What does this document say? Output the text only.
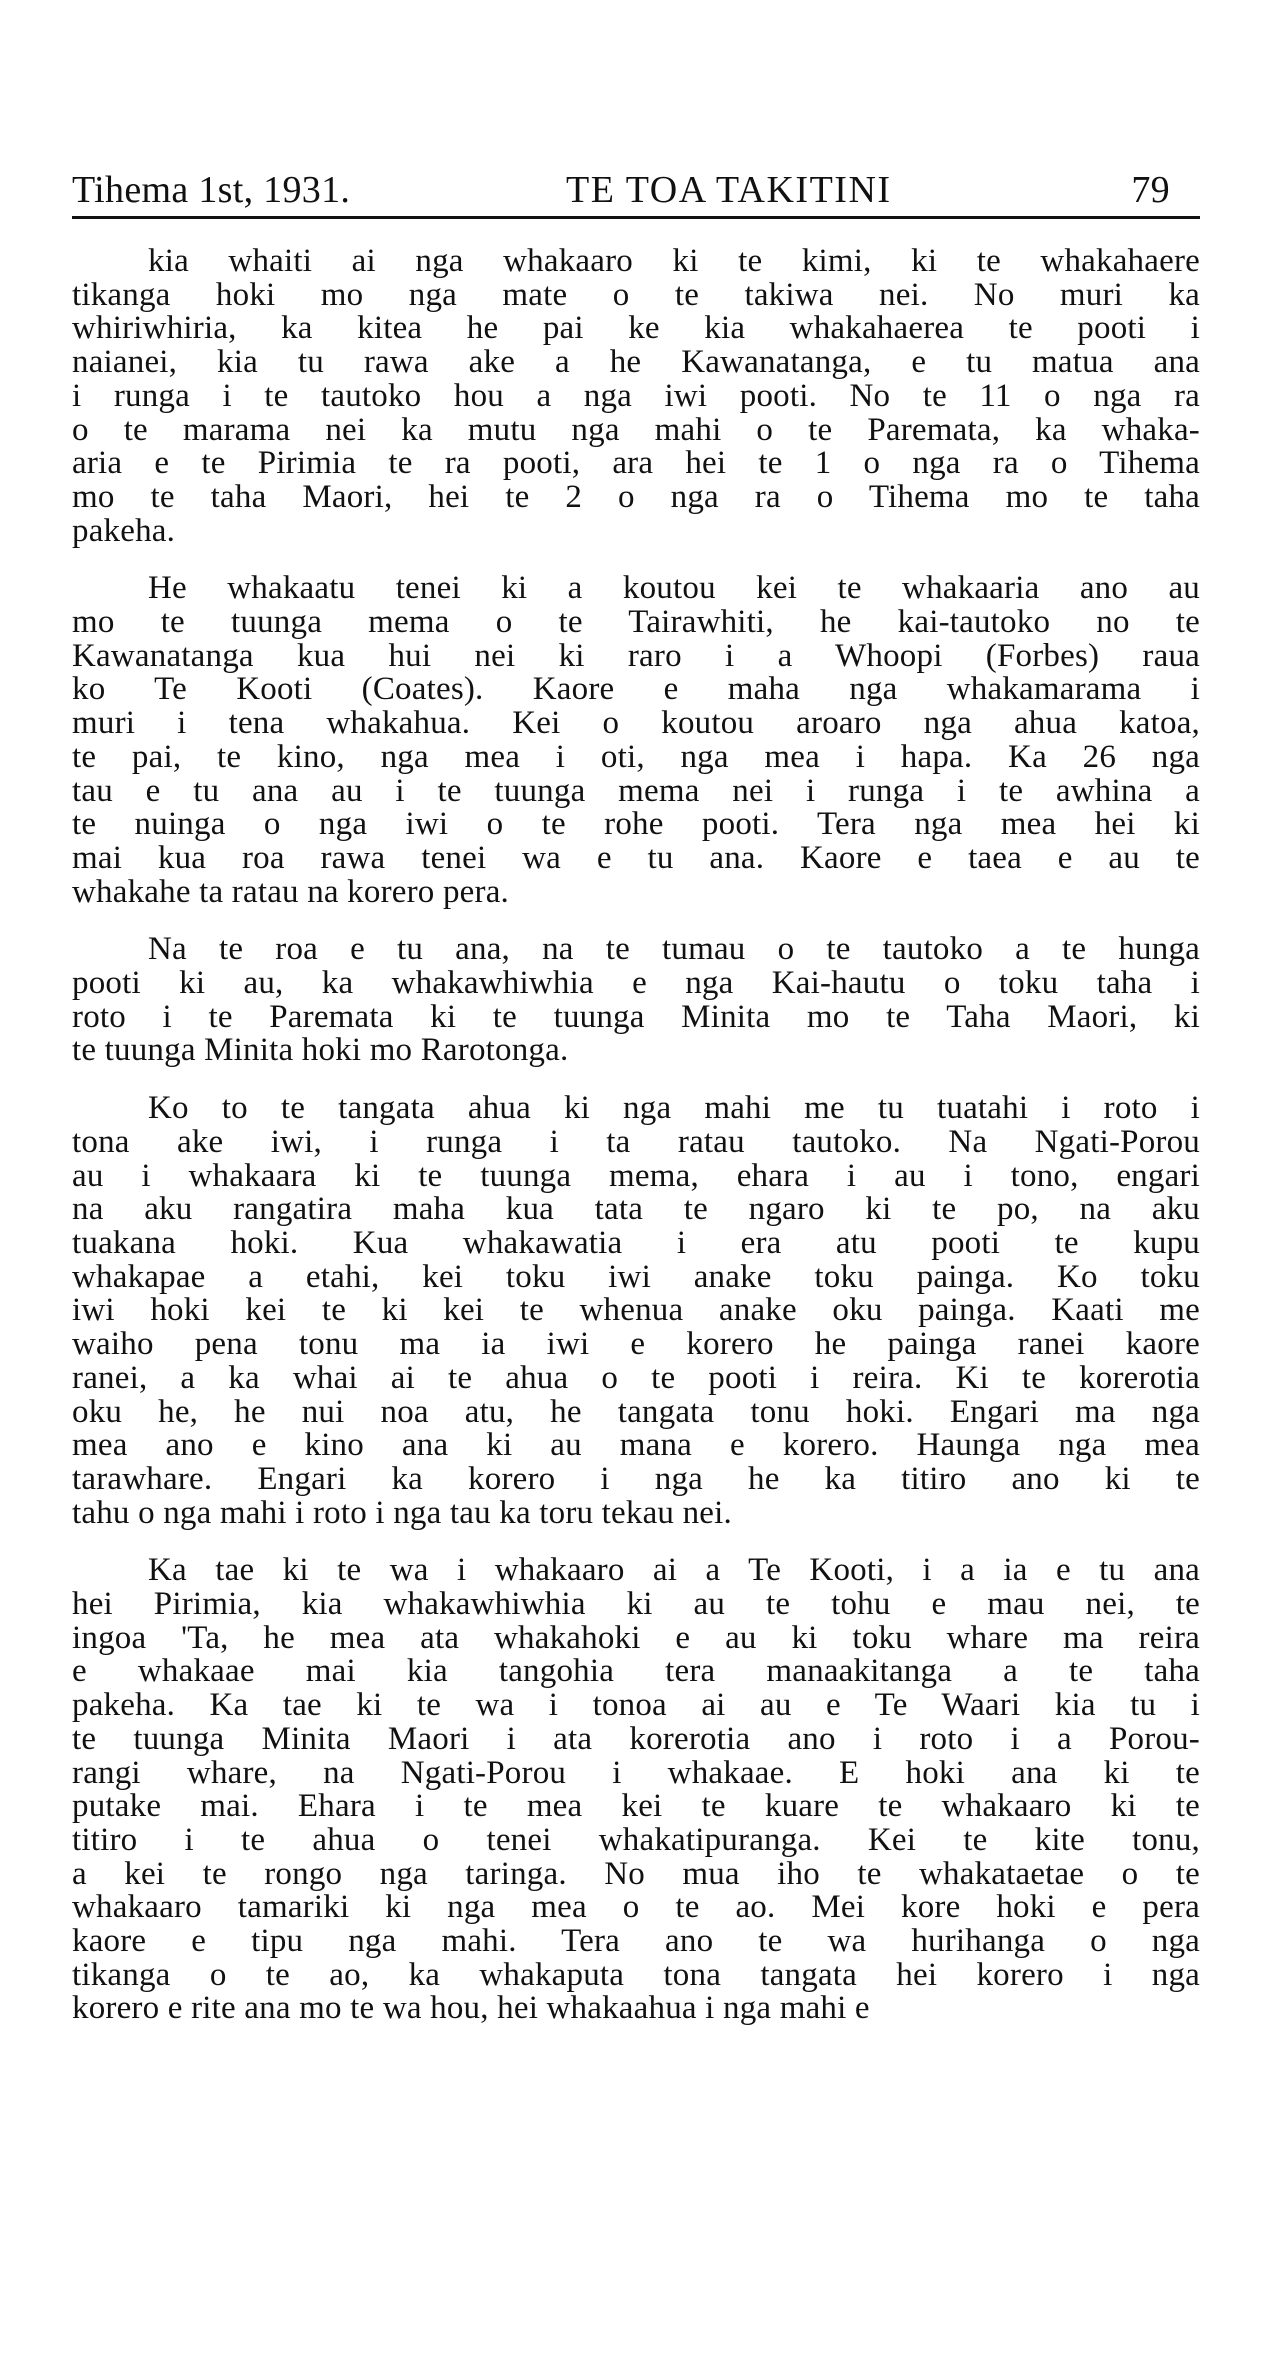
Tihema 1st, 1931.	TE TOA TAKITINI	79

kia whaiti ai nga whakaaro ki te kimi, ki te whakahaere
tikanga hoki mo nga mate o te takiwa nei. No muri ka
whiriwhiria, ka kitea he pai ke kia whakahaerea te pooti i
naianei, kia tu rawa ake a he Kawanatanga, e tu matua ana
i runga i te tautoko hou a nga iwi pooti. No te 11 o nga ra
o te marama nei ka mutu nga mahi o te Paremata, ka whaka-
aria e te Pirimia te ra pooti, ara hei te 1 o nga ra o Tihema
mo te taha Maori, hei te 2 o nga ra o Tihema mo te taha
pakeha.

He whakaatu tenei ki a koutou kei te whakaaria ano au
mo te tuunga mema o te Tairawhiti, he kai-tautoko no te
Kawanatanga kua hui nei ki raro i a Whoopi (Forbes) raua
ko Te Kooti (Coates). Kaore e maha nga whakamarama i
muri i tena whakahua. Kei o koutou aroaro nga ahua katoa,
te pai, te kino, nga mea i oti, nga mea i hapa. Ka 26 nga
tau e tu ana au i te tuunga mema nei i runga i te awhina a
te nuinga o nga iwi o te rohe pooti. Tera nga mea hei ki
mai kua roa rawa tenei wa e tu ana. Kaore e taea e au te
whakahe ta ratau na korero pera.

Na te roa e tu ana, na te tumau o te tautoko a te hunga
pooti ki au, ka whakawhiwhia e nga Kai-hautu o toku taha i
roto i te Paremata ki te tuunga Minita mo te Taha Maori, ki
te tuunga Minita hoki mo Rarotonga.

Ko to te tangata ahua ki nga mahi me tu tuatahi i roto i
tona ake iwi, i runga i ta ratau tautoko. Na Ngati-Porou
au i whakaara ki te tuunga mema, ehara i au i tono, engari
na aku rangatira maha kua tata te ngaro ki te po, na aku
tuakana hoki. Kua whakawatia i era atu pooti te kupu
whakapae a etahi, kei toku iwi anake toku painga. Ko toku
iwi hoki kei te ki kei te whenua anake oku painga. Kaati me
waiho pena tonu ma ia iwi e korero he painga ranei kaore
ranei, a ka whai ai te ahua o te pooti i reira. Ki te korerotia
oku he, he nui noa atu, he tangata tonu hoki. Engari ma nga
mea ano e kino ana ki au mana e korero. Haunga nga mea
tarawhare. Engari ka korero i nga he ka titiro ano ki te
tahu o nga mahi i roto i nga tau ka toru tekau nei.

Ka tae ki te wa i whakaaro ai a Te Kooti, i a ia e tu ana
hei Pirimia, kia whakawhiwhia ki au te tohu e mau nei, te
ingoa 'Ta, he mea ata whakahoki e au ki toku whare ma reira
e whakaae mai kia tangohia tera manaakitanga a te taha
pakeha. Ka tae ki te wa i tonoa ai au e Te Waari kia tu i
te tuunga Minita Maori i ata korerotia ano i roto i a Porou-
rangi whare, na Ngati-Porou i whakaae. E hoki ana ki te
putake mai. Ehara i te mea kei te kuare te whakaaro ki te
titiro i te ahua o tenei whakatipuranga. Kei te kite tonu,
a kei te rongo nga taringa. No mua iho te whakataetae o te
whakaaro tamariki ki nga mea o te ao. Mei kore hoki e pera
kaore e tipu nga mahi. Tera ano te wa hurihanga o nga
tikanga o te ao, ka whakaputa tona tangata hei korero i nga
korero e rite ana mo te wa hou, hei whakaahua i nga mahi e
